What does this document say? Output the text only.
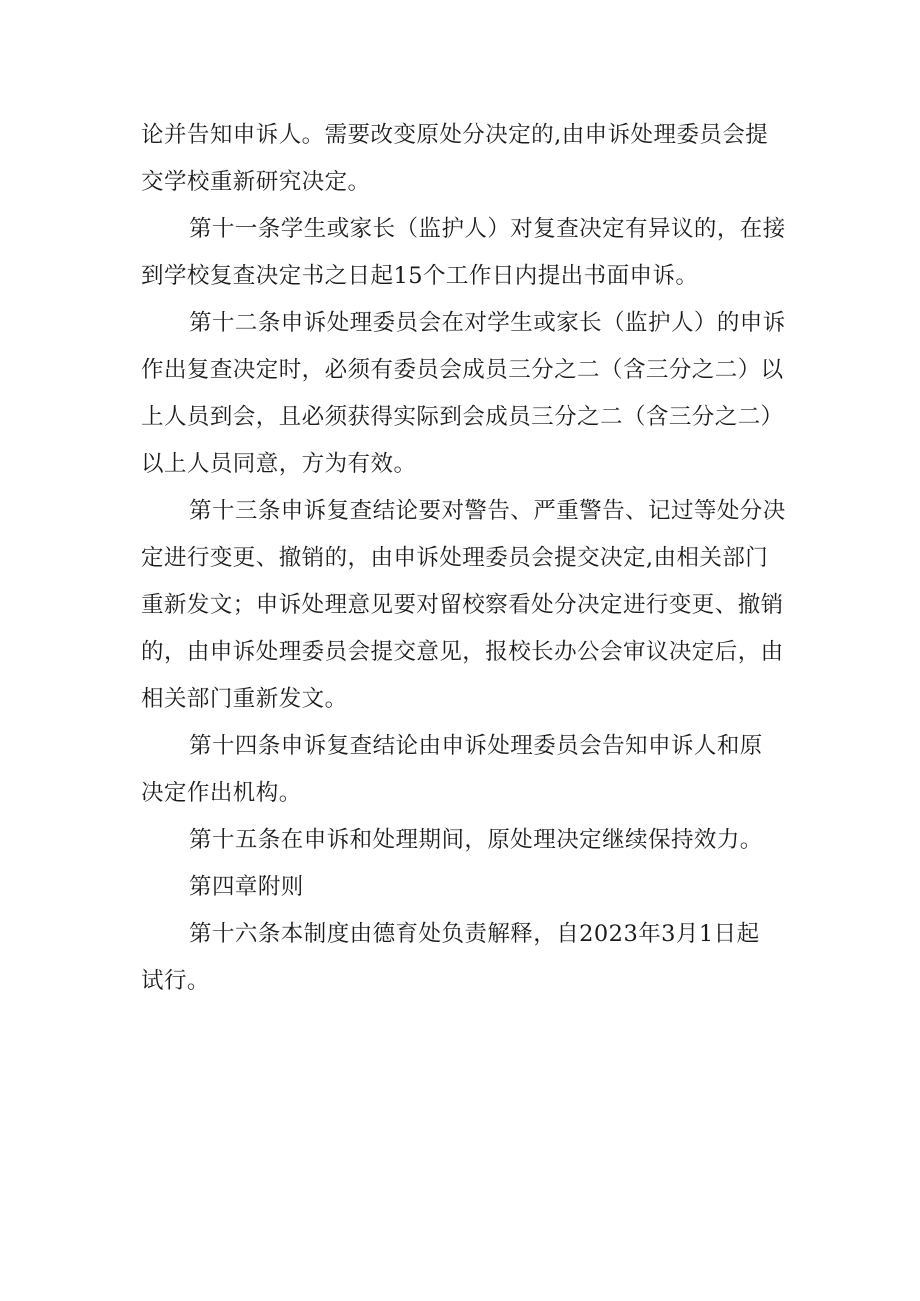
论并告知申诉人。需要改变原处分决定的,由申诉处理委员会提
交学校重新研究决定。

第十一条学生或家长（监护人）对复查决定有异议的，在接
到学校复查决定书之日起15个工作日内提出书面申诉。

第十二条申诉处理委员会在对学生或家长（监护人）的申诉
作出复查决定时，必须有委员会成员三分之二（含三分之二）以
上人员到会，且必须获得实际到会成员三分之二（含三分之二）
以上人员同意，方为有效。

第十三条申诉复查结论要对警告、严重警告、记过等处分决
定进行变更、撤销的，由申诉处理委员会提交决定,由相关部门
重新发文；申诉处理意见要对留校察看处分决定进行变更、撤销
的，由申诉处理委员会提交意见，报校长办公会审议决定后，由
相关部门重新发文。

第十四条申诉复查结论由申诉处理委员会告知申诉人和原
决定作出机构。

第十五条在申诉和处理期间，原处理决定继续保持效力。

第四章附则

第十六条本制度由德育处负责解释，自2023年3月1日起
试行。
